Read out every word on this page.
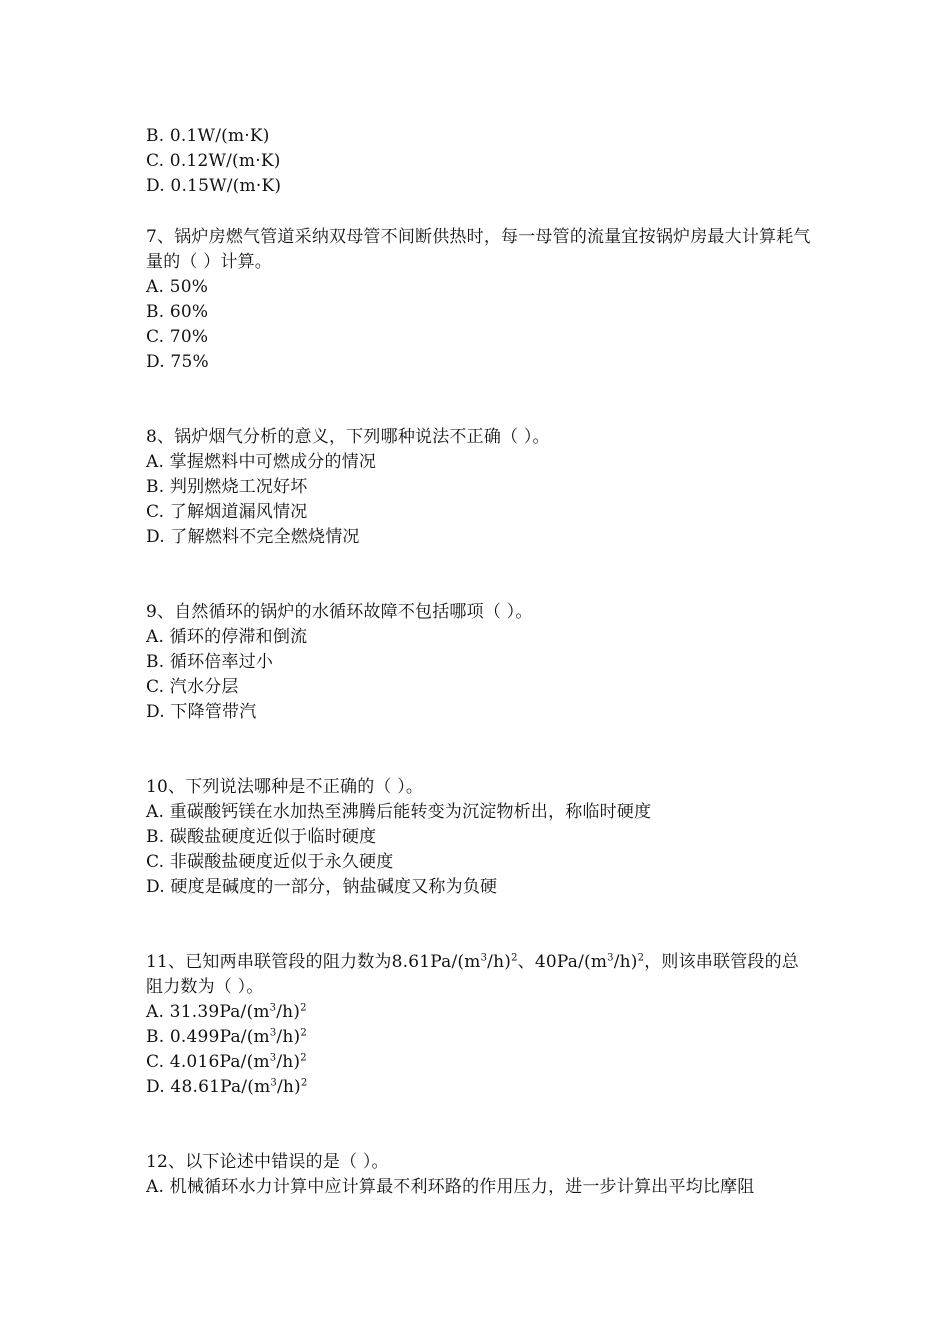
B. 0.1W/(m·K)
C. 0.12W/(m·K)
D. 0.15W/(m·K)
7、锅炉房燃气管道采纳双母管不间断供热时，每一母管的流量宜按锅炉房最大计算耗气量的（ ）计算。
A. 50%
B. 60%
C. 70%
D. 75%
8、锅炉烟气分析的意义，下列哪种说法不正确（ ）。
A. 掌握燃料中可燃成分的情况
B. 判别燃烧工况好坏
C. 了解烟道漏风情况
D. 了解燃料不完全燃烧情况
9、自然循环的锅炉的水循环故障不包括哪项（ ）。
A. 循环的停滞和倒流
B. 循环倍率过小
C. 汽水分层
D. 下降管带汽
10、下列说法哪种是不正确的（ ）。
A. 重碳酸钙镁在水加热至沸腾后能转变为沉淀物析出，称临时硬度
B. 碳酸盐硬度近似于临时硬度
C. 非碳酸盐硬度近似于永久硬度
D. 硬度是碱度的一部分，钠盐碱度又称为负硬
11、已知两串联管段的阻力数为$8.61Pa/(m^3/h)^2$、$40Pa/(m^3/h)^2$，则该串联管段的总阻力数为（ ）。
A. $31.39Pa/(m^3/h)^2$
B. $0.499Pa/(m^3/h)^2$
C. $4.016Pa/(m^3/h)^2$
D. $48.61Pa/(m^3/h)^2$
12、以下论述中错误的是（ ）。
A. 机械循环水力计算中应计算最不利环路的作用压力，进一步计算出平均比摩阻
